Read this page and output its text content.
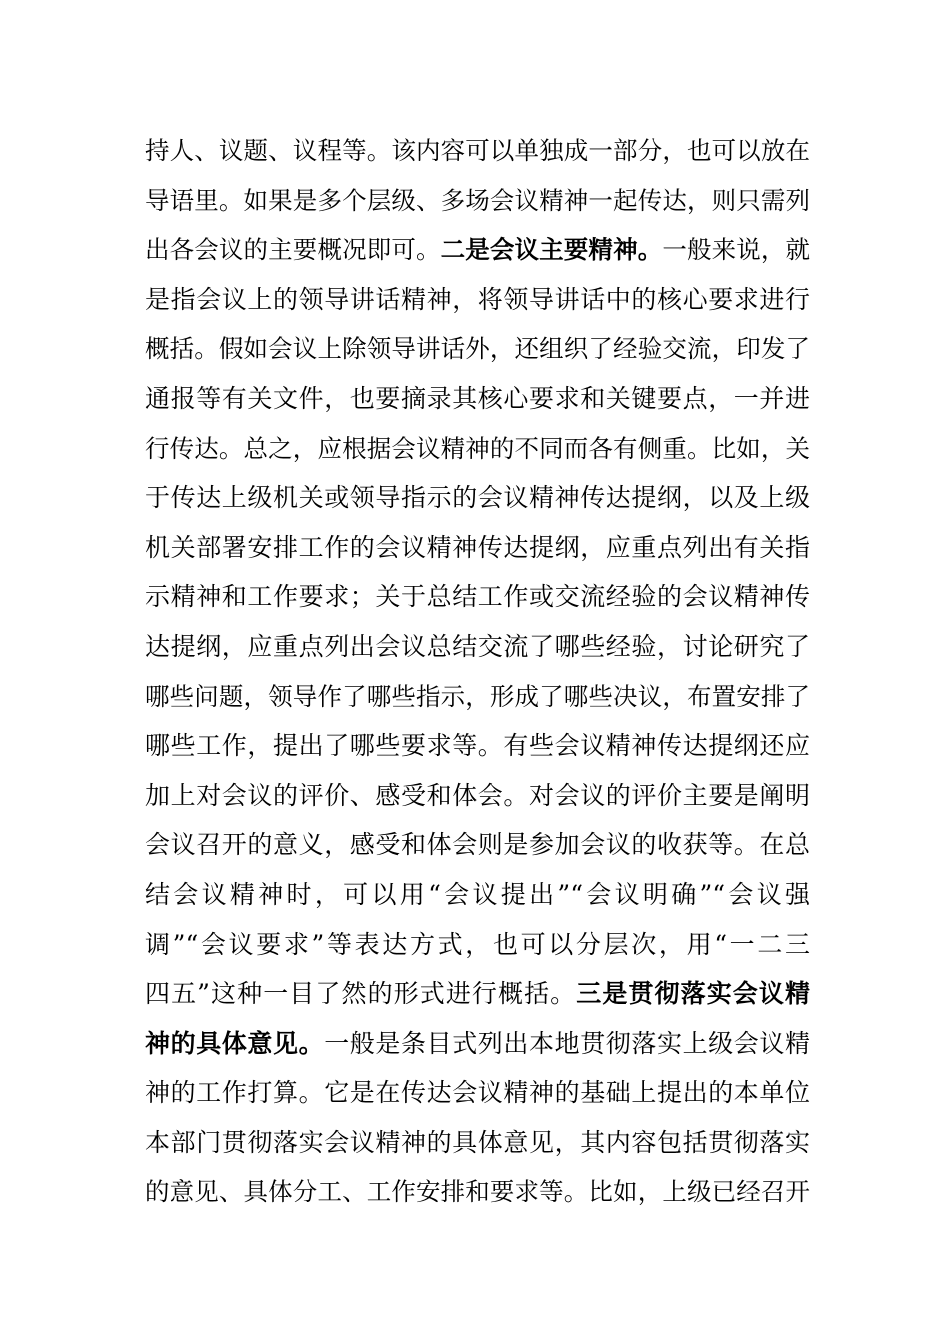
持人、议题、议程等。该内容可以单独成一部分，也可以放在
导语里。如果是多个层级、多场会议精神一起传达，则只需列
出各会议的主要概况即可。二是会议主要精神。一般来说，就
是指会议上的领导讲话精神，将领导讲话中的核心要求进行
概括。假如会议上除领导讲话外，还组织了经验交流，印发了
通报等有关文件，也要摘录其核心要求和关键要点，一并进
行传达。总之，应根据会议精神的不同而各有侧重。比如，关
于传达上级机关或领导指示的会议精神传达提纲，以及上级
机关部署安排工作的会议精神传达提纲，应重点列出有关指
示精神和工作要求；关于总结工作或交流经验的会议精神传
达提纲，应重点列出会议总结交流了哪些经验，讨论研究了
哪些问题，领导作了哪些指示，形成了哪些决议，布置安排了
哪些工作，提出了哪些要求等。有些会议精神传达提纲还应
加上对会议的评价、感受和体会。对会议的评价主要是阐明
会议召开的意义，感受和体会则是参加会议的收获等。在总
结会议精神时，可以用“会议提出”“会议明确”“会议强
调”“会议要求”等表达方式，也可以分层次，用“一二三
四五”这种一目了然的形式进行概括。三是贯彻落实会议精
神的具体意见。一般是条目式列出本地贯彻落实上级会议精
神的工作打算。它是在传达会议精神的基础上提出的本单位
本部门贯彻落实会议精神的具体意见，其内容包括贯彻落实
的意见、具体分工、工作安排和要求等。比如，上级已经召开
